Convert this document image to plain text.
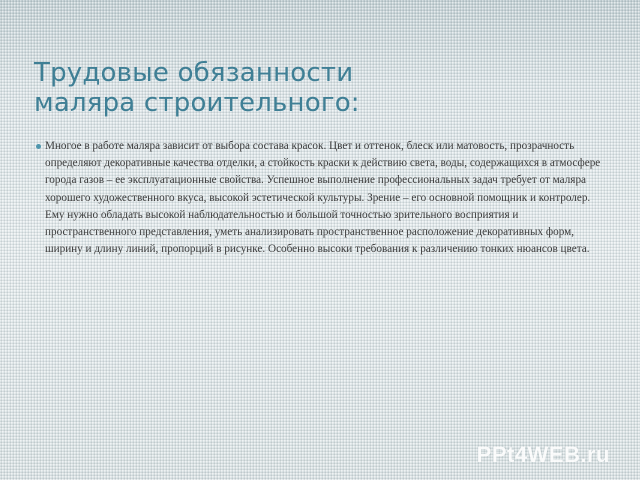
Трудовые обязанности
маляра строительного:

Многое в работе маляра зависит от выбора состава красок. Цвет и оттенок, блеск или матовость, прозрачность определяют декоративные качества отделки, а стойкость краски к действию света, воды, содержащихся в атмосфере города газов – ее эксплуатационные свойства. Успешное выполнение профессиональных задач требует от маляра хорошего художественного вкуса, высокой эстетической культуры. Зрение – его основной помощник и контролер. Ему нужно обладать высокой наблюдательностью и большой точностью зрительного восприятия и пространственного представления, уметь анализировать пространственное расположение декоративных форм, ширину и длину линий, пропорций в рисунке. Особенно высоки требования к различению тонких нюансов цвета.

PPt4WEB.ru
